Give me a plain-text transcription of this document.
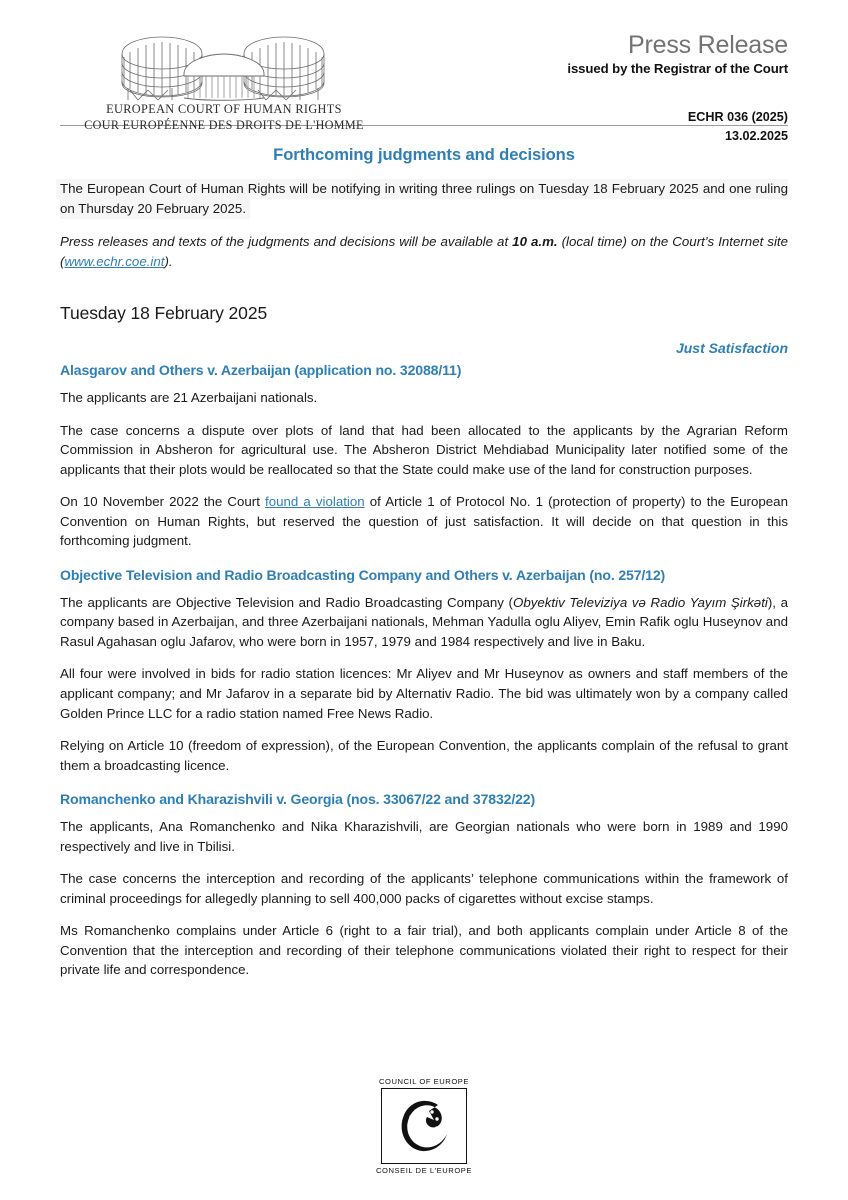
EUROPEAN COURT OF HUMAN RIGHTS
COUR EUROPÉENNE DES DROITS DE L'HOMME
Press Release
issued by the Registrar of the Court
ECHR 036 (2025)
13.02.2025
Forthcoming judgments and decisions

The European Court of Human Rights will be notifying in writing three rulings on Tuesday 18 February 2025 and one ruling on Thursday 20 February 2025.

Press releases and texts of the judgments and decisions will be available at 10 a.m. (local time) on the Court’s Internet site (www.echr.coe.int).

Tuesday 18 February 2025
Just Satisfaction
Alasgarov and Others v. Azerbaijan (application no. 32088/11)

The applicants are 21 Azerbaijani nationals.

The case concerns a dispute over plots of land that had been allocated to the applicants by the Agrarian Reform Commission in Absheron for agricultural use. The Absheron District Mehdiabad Municipality later notified some of the applicants that their plots would be reallocated so that the State could make use of the land for construction purposes.

On 10 November 2022 the Court found a violation of Article 1 of Protocol No. 1 (protection of property) to the European Convention on Human Rights, but reserved the question of just satisfaction. It will decide on that question in this forthcoming judgment.

Objective Television and Radio Broadcasting Company and Others v. Azerbaijan (no. 257/12)

The applicants are Objective Television and Radio Broadcasting Company (Obyektiv Televiziya və Radio Yayım Şirkəti), a company based in Azerbaijan, and three Azerbaijani nationals, Mehman Yadulla oglu Aliyev, Emin Rafik oglu Huseynov and Rasul Agahasan oglu Jafarov, who were born in 1957, 1979 and 1984 respectively and live in Baku.

All four were involved in bids for radio station licences: Mr Aliyev and Mr Huseynov as owners and staff members of the applicant company; and Mr Jafarov in a separate bid by Alternativ Radio. The bid was ultimately won by a company called Golden Prince LLC for a radio station named Free News Radio.

Relying on Article 10 (freedom of expression), of the European Convention, the applicants complain of the refusal to grant them a broadcasting licence.

Romanchenko and Kharazishvili v. Georgia (nos. 33067/22 and 37832/22)

The applicants, Ana Romanchenko and Nika Kharazishvili, are Georgian nationals who were born in 1989 and 1990 respectively and live in Tbilisi.

The case concerns the interception and recording of the applicants’ telephone communications within the framework of criminal proceedings for allegedly planning to sell 400,000 packs of cigarettes without excise stamps.

Ms Romanchenko complains under Article 6 (right to a fair trial), and both applicants complain under Article 8 of the Convention that the interception and recording of their telephone communications violated their right to respect for their private life and correspondence.

COUNCIL OF EUROPE
CONSEIL DE L'EUROPE
